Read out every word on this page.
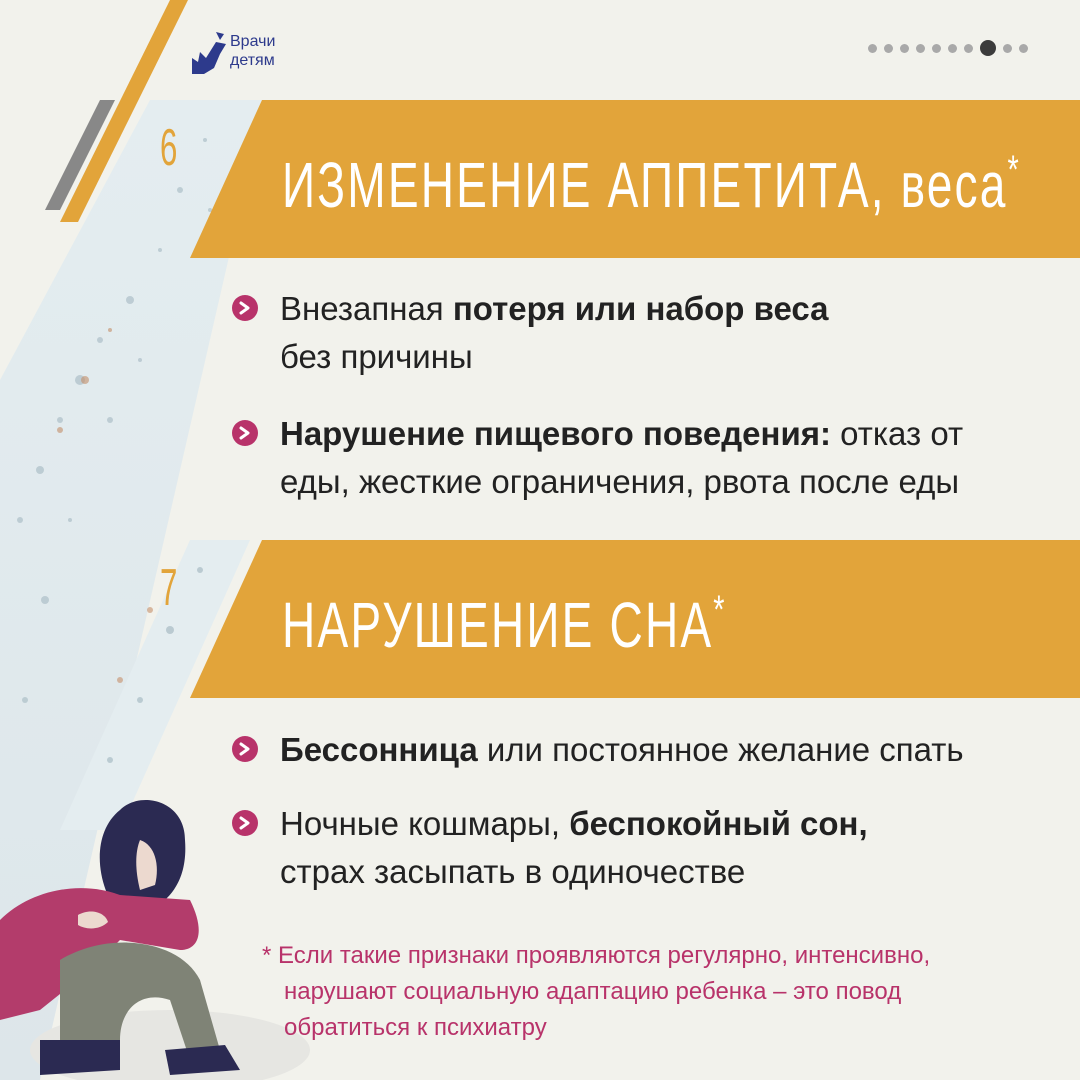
Врачи
детям
6
ИЗМЕНЕНИЕ АППЕТИТА, веса*
Внезапная потеря или набор веса
без причины
Нарушение пищевого поведения: отказ от
еды, жесткие ограничения, рвота после еды
7
НАРУШЕНИЕ СНА*
Бессонница или постоянное желание спать
Ночные кошмары, беспокойный сон,
страх засыпать в одиночестве
* Если такие признаки проявляются регулярно, интенсивно,
нарушают социальную адаптацию ребенка – это повод
обратиться к психиатру
